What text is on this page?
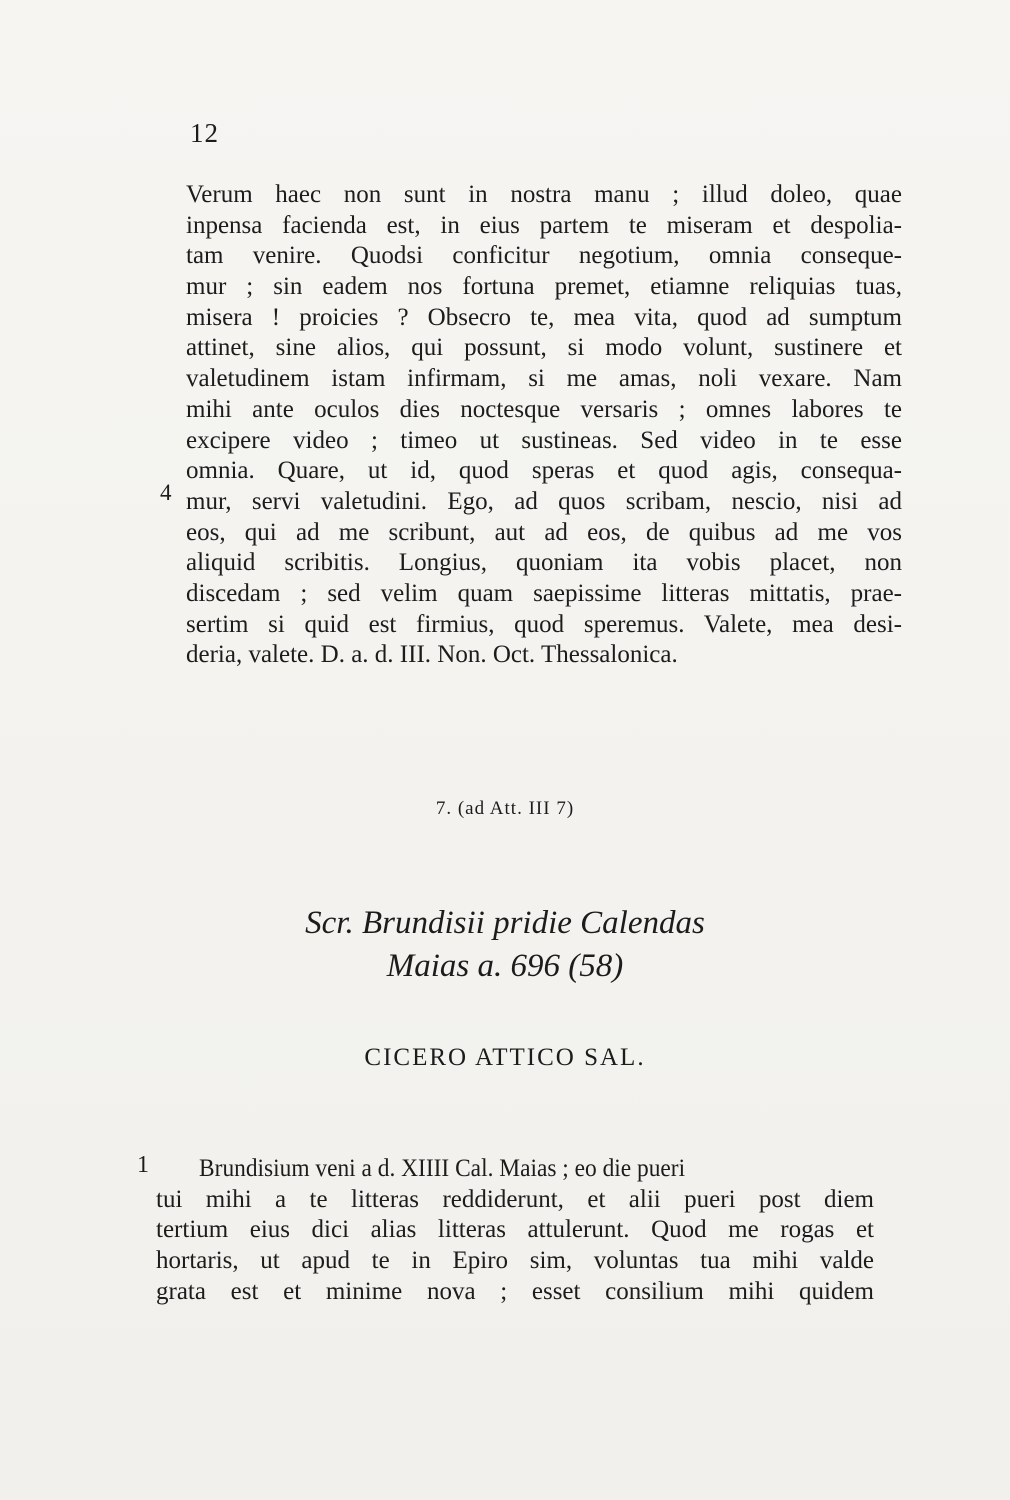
12
4
Verum haec non sunt in nostra manu ; illud doleo, quae
inpensa facienda est, in eius partem te miseram et despolia-
tam venire. Quodsi conficitur negotium, omnia conseque-
mur ; sin eadem nos fortuna premet, etiamne reliquias tuas,
misera ! proicies ? Obsecro te, mea vita, quod ad sumptum
attinet, sine alios, qui possunt, si modo volunt, sustinere et
valetudinem istam infirmam, si me amas, noli vexare. Nam
mihi ante oculos dies noctesque versaris ; omnes labores te
excipere video ; timeo ut sustineas. Sed video in te esse
omnia. Quare, ut id, quod speras et quod agis, consequa-
mur, servi valetudini. Ego, ad quos scribam, nescio, nisi ad
eos, qui ad me scribunt, aut ad eos, de quibus ad me vos
aliquid scribitis. Longius, quoniam ita vobis placet, non
discedam ; sed velim quam saepissime litteras mittatis, prae-
sertim si quid est firmius, quod speremus. Valete, mea desi-
deria, valete. D. a. d. III. Non. Oct. Thessalonica.
7. (ad Att. III 7)
Scr. Brundisii pridie Calendas
Maias a. 696 (58)
CICERO ATTICO SAL.
1	Brundisium veni a d. XIIII Cal. Maias ; eo die pueri
tui mihi a te litteras reddiderunt, et alii pueri post diem
tertium eius dici alias litteras attulerunt. Quod me rogas et
hortaris, ut apud te in Epiro sim, voluntas tua mihi valde
grata est et minime nova ; esset consilium mihi quidem
